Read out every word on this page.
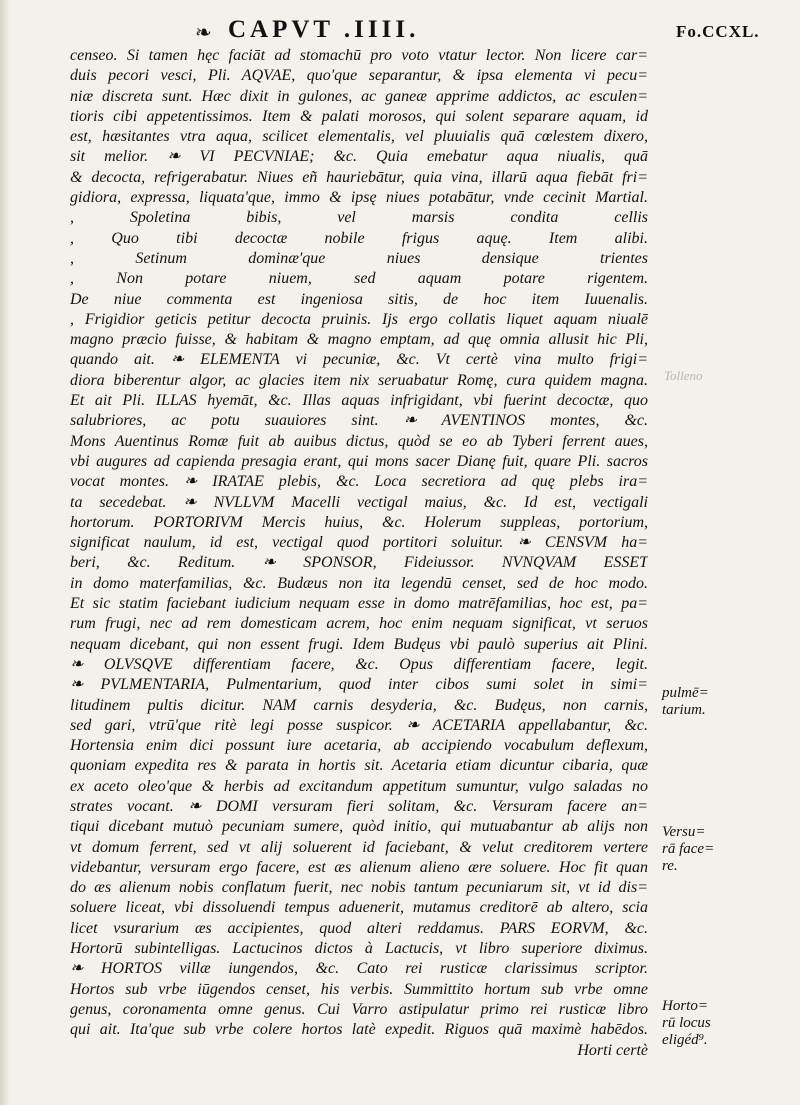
❧ CAPVT .IIII.	Fo.CCXL.
censeo. Si tamen hęc faciāt ad stomachū pro voto vtatur lector. Non licere car=
duis pecori vesci, Pli. AQVAE, quo'que separantur, & ipsa elementa vi pecu=
niæ discreta sunt. Hæc dixit in gulones, ac ganeæ apprime addictos, ac esculen=
tioris cibi appetentissimos. Item & palati morosos, qui solent separare aquam, id
est, hæsitantes vtra aqua, scilicet elementalis, vel pluuialis quā cœlestem dixero,
sit melior. ❧ VI PECVNIAE; &c. Quia emebatur aqua niualis, quā
& decocta, refrigerabatur. Niues eñ hauriebātur, quia vina, illarū aqua fiebāt fri=
gidiora, expressa, liquata'que, immo & ipsę niues potabātur, vnde cecinit Martial.
, Spoletina bibis, vel marsis condita cellis
, Quo tibi decoctæ nobile frigus aquę. Item alibi.
, Setinum dominæ'que niues densique trientes
, Non potare niuem, sed aquam potare rigentem.
De niue commenta est ingeniosa sitis, de hoc item Iuuenalis.
, Frigidior geticis petitur decocta pruinis. Ijs ergo collatis liquet aquam niualē
magno præcio fuisse, & habitam & magno emptam, ad quę omnia allusit hic Pli,
quando ait. ❧ ELEMENTA vi pecuniæ, &c. Vt certè vina multo frigi=
diora biberentur algor, ac glacies item nix seruabatur Romę, cura quidem magna.
Et ait Pli. ILLAS hyemāt, &c. Illas aquas infrigidant, vbi fuerint decoctæ, quo
salubriores, ac potu suauiores sint. ❧ AVENTINOS montes, &c.
Mons Auentinus Romæ fuit ab auibus dictus, quòd se eo ab Tyberi ferrent aues,
vbi augures ad capienda presagia erant, qui mons sacer Dianę fuit, quare Pli. sacros
vocat montes. ❧ IRATAE plebis, &c. Loca secretiora ad quę plebs ira=
ta secedebat. ❧ NVLLVM Macelli vectigal maius, &c. Id est, vectigali
hortorum. PORTORIVM Mercis huius, &c. Holerum suppleas, portorium,
significat naulum, id est, vectigal quod portitori soluitur. ❧ CENSVM ha=
beri, &c. Reditum. ❧ SPONSOR, Fideiussor. NVNQVAM ESSET
in domo materfamilias, &c. Budæus non ita legendū censet, sed de hoc modo.
Et sic statim faciebant iudicium nequam esse in domo matrēfamilias, hoc est, pa=
rum frugi, nec ad rem domesticam acrem, hoc enim nequam significat, vt seruos
nequam dicebant, qui non essent frugi. Idem Budęus vbi paulò superius ait Plini.
❧ OLVSQVE differentiam facere, &c. Opus differentiam facere, legit.
❧ PVLMENTARIA, Pulmentarium, quod inter cibos sumi solet in simi=
litudinem pultis dicitur. NAM carnis desyderia, &c. Budęus, non carnis,
sed gari, vtrū'que ritè legi posse suspicor. ❧ ACETARIA appellabantur, &c.
Hortensia enim dici possunt iure acetaria, ab accipiendo vocabulum deflexum,
quoniam expedita res & parata in hortis sit. Acetaria etiam dicuntur cibaria, quæ
ex aceto oleo'que & herbis ad excitandum appetitum sumuntur, vulgo saladas no
strates vocant. ❧ DOMI versuram fieri solitam, &c. Versuram facere an=
tiqui dicebant mutuò pecuniam sumere, quòd initio, qui mutuabantur ab alijs non
vt domum ferrent, sed vt alij soluerent id faciebant, & velut creditorem vertere
videbantur, versuram ergo facere, est æs alienum alieno ære soluere. Hoc fit quan
do æs alienum nobis conflatum fuerit, nec nobis tantum pecuniarum sit, vt id dis=
soluere liceat, vbi dissoluendi tempus aduenerit, mutamus creditorē ab altero, scia
licet vsurarium æs accipientes, quod alteri reddamus. PARS EORVM, &c.
Hortorū subintelligas. Lactucinos dictos à Lactucis, vt libro superiore diximus.
❧ HORTOS villæ iungendos, &c. Cato rei rusticæ clarissimus scriptor.
Hortos sub vrbe iūgendos censet, his verbis. Summittito hortum sub vrbe omne
genus, coronamenta omne genus. Cui Varro astipulatur primo rei rusticæ libro
qui ait. Ita'que sub vrbe colere hortos latè expedit. Riguos quā maximè habēdos.
Horti certè
Tolleno
pulmē=
tarium.
Versu=
rā face=
re.
Horto=
rū locus
eligéd⁹.
